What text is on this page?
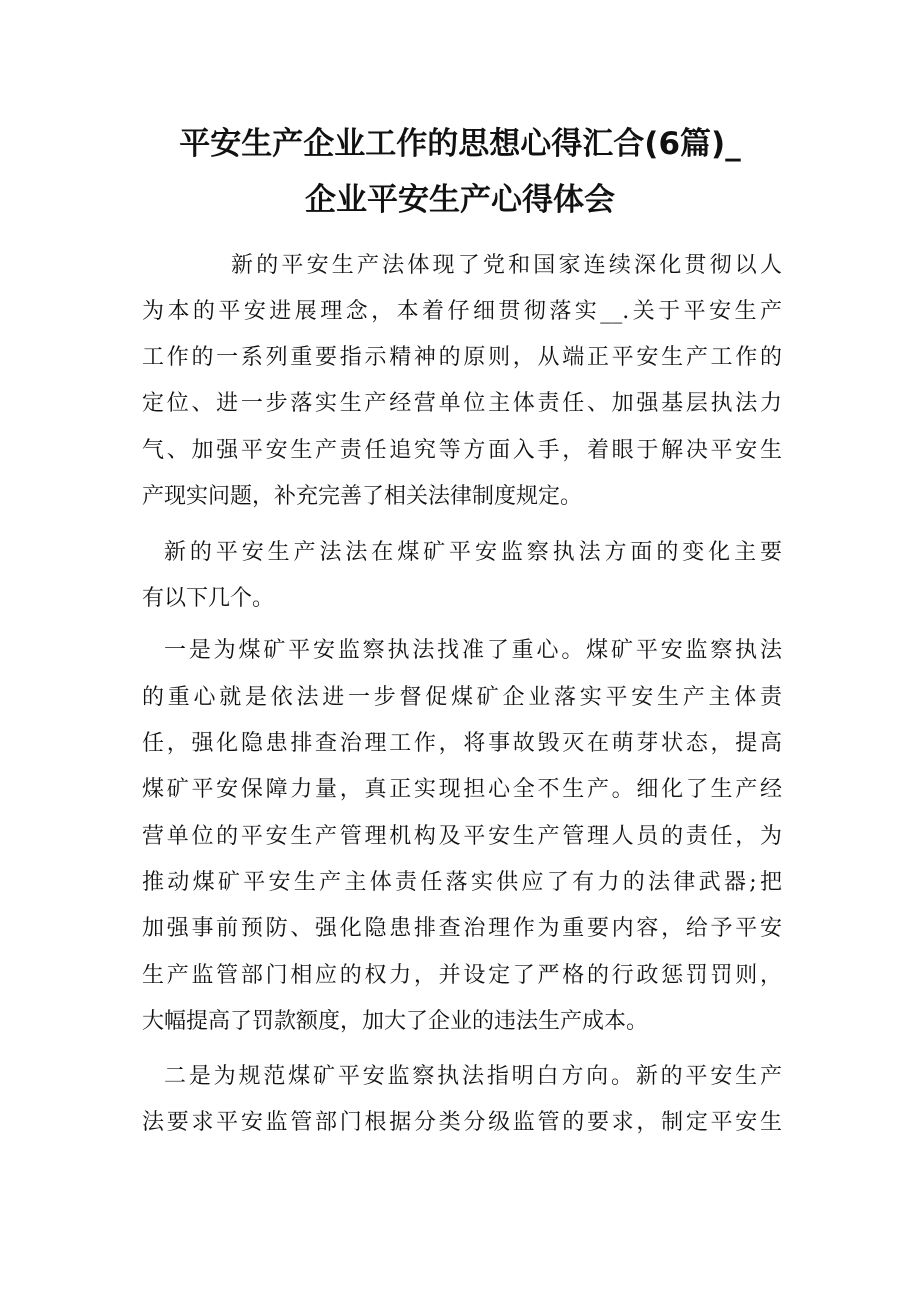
平安生产企业工作的思想心得汇合(6篇)_
企业平安生产心得体会
新的平安生产法体现了党和国家连续深化贯彻以人
为本的平安进展理念，本着仔细贯彻落实__.关于平安生产
工作的一系列重要指示精神的原则，从端正平安生产工作的
定位、进一步落实生产经营单位主体责任、加强基层执法力
气、加强平安生产责任追究等方面入手，着眼于解决平安生
产现实问题，补充完善了相关法律制度规定。
新的平安生产法法在煤矿平安监察执法方面的变化主要
有以下几个。
一是为煤矿平安监察执法找准了重心。煤矿平安监察执法
的重心就是依法进一步督促煤矿企业落实平安生产主体责
任，强化隐患排查治理工作，将事故毁灭在萌芽状态，提高
煤矿平安保障力量，真正实现担心全不生产。细化了生产经
营单位的平安生产管理机构及平安生产管理人员的责任，为
推动煤矿平安生产主体责任落实供应了有力的法律武器;把
加强事前预防、强化隐患排查治理作为重要内容，给予平安
生产监管部门相应的权力，并设定了严格的行政惩罚罚则，
大幅提高了罚款额度，加大了企业的违法生产成本。
二是为规范煤矿平安监察执法指明白方向。新的平安生产
法要求平安监管部门根据分类分级监管的要求，制定平安生
